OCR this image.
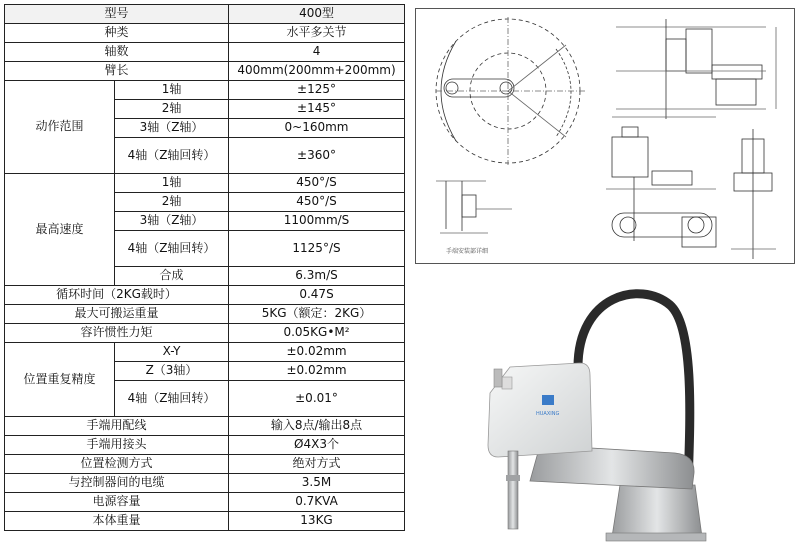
型号		400型
种类		水平多关节
轴数		4
臂长		400mm(200mm+200mm)
动作范围	1轴	±125°
	2轴	±145°
	3轴（Z轴）	0~160mm
	4轴（Z轴回转）	±360°
最高速度	1轴	450°/S
	2轴	450°/S
	3轴（Z轴）	1100mm/S
	4轴（Z轴回转）	1125°/S
	合成	6.3m/S
循环时间（2KG载时）		0.47S
最大可搬运重量		5KG（额定：2KG）
容许惯性力矩		0.05KG•M²
位置重复精度	X-Y	±0.02mm
	Z（3轴）	±0.02mm
	4轴（Z轴回转）	±0.01°
手端用配线		输入8点/输出8点
手端用接头		Ø4X3个
位置检测方式		绝对方式
与控制器间的电缆		3.5M
电源容量		0.7KVA
本体重量		13KG
手端安装部详细
HUAXING
